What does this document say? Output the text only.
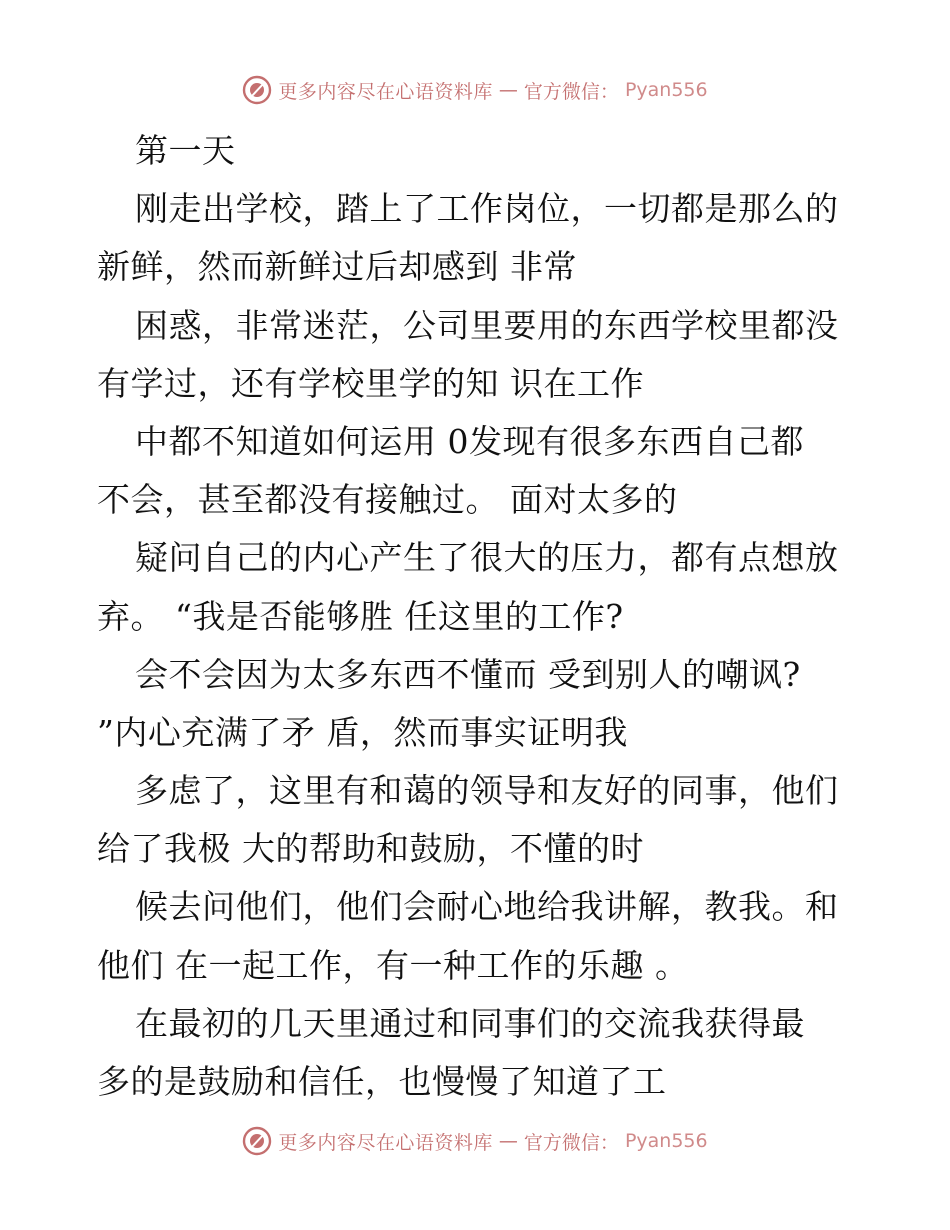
更多内容尽在心语资料库 — 官方微信： Pyan556
第一天
刚走出学校，踏上了工作岗位，一切都是那么的
新鲜，然而新鲜过后却感到 非常
困惑，非常迷茫，公司里要用的东西学校里都没
有学过，还有学校里学的知 识在工作
中都不知道如何运用 0发现有很多东西自己都
不会，甚至都没有接触过。 面对太多的
疑问自己的内心产生了很大的压力，都有点想放
弃。 “我是否能够胜 任这里的工作?
会不会因为太多东西不懂而 受到别人的嘲讽?
”内心充满了矛 盾，然而事实证明我
多虑了，这里有和蔼的领导和友好的同事，他们
给了我极 大的帮助和鼓励，不懂的时
候去问他们，他们会耐心地给我讲解，教我。和
他们 在一起工作，有一种工作的乐趣 。
在最初的几天里通过和同事们的交流我获得最
多的是鼓励和信任，也慢慢了知道了工
更多内容尽在心语资料库 — 官方微信： Pyan556
